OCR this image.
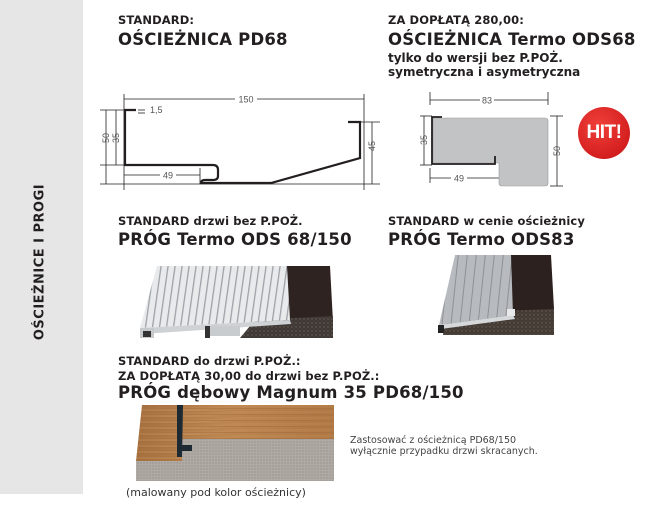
OŚCIEŻNICE I PROGI
STANDARD:
OŚCIEŻNICA PD68
150
1,5
49
50 35
45
ZA DOPŁATĄ 280,00:
OŚCIEŻNICA Termo ODS68
tylko do wersji bez P.POŻ.
symetryczna i asymetryczna
83
49
35
50
HIT!
STANDARD drzwi bez P.POŻ.
PRÓG Termo ODS 68/150
STANDARD w cenie ościeżnicy
PRÓG Termo ODS83
STANDARD do drzwi P.POŻ.:
ZA DOPŁATĄ 30,00 do drzwi bez P.POŻ.:
PRÓG dębowy Magnum 35 PD68/150
Zastosować z ościeżnicą PD68/150
wyłącznie przypadku drzwi skracanych.
(malowany pod kolor ościeżnicy)
